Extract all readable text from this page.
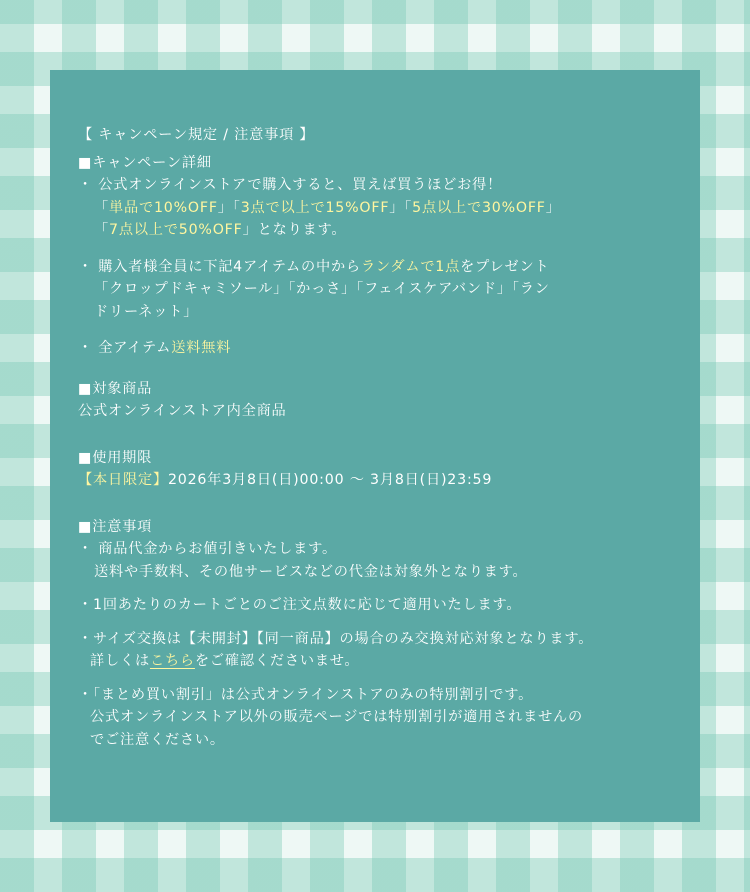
【 キャンペーン規定 / 注意事項 】
■キャンペーン詳細
・ 公式オンラインストアで購入すると、買えば買うほどお得！
「単品で10%OFF」「3点で以上で15%OFF」「5点以上で30%OFF」
「7点以上で50%OFF」となります。
・ 購入者様全員に下記4アイテムの中からランダムで1点をプレゼント
「クロップドキャミソール」「かっさ」「フェイスケアバンド」「ラン
ドリーネット」
・ 全アイテム送料無料
■対象商品
公式オンラインストア内全商品
■使用期限
【本日限定】2026年3月8日(日)00:00 〜 3月8日(日)23:59
■注意事項
・ 商品代金からお値引きいたします。
送料や手数料、その他サービスなどの代金は対象外となります。
・1回あたりのカートごとのご注文点数に応じて適用いたします。
・サイズ交換は【未開封】【同一商品】の場合のみ交換対応対象となります。
詳しくはこちらをご確認くださいませ。
・「まとめ買い割引」は公式オンラインストアのみの特別割引です。
公式オンラインストア以外の販売ページでは特別割引が適用されませんの
でご注意ください。
